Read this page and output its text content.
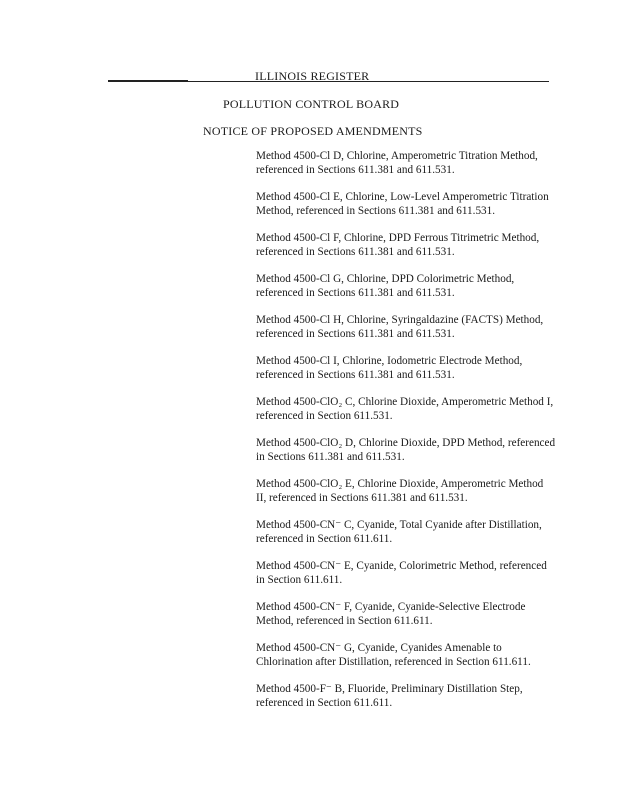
ILLINOIS REGISTER
POLLUTION CONTROL BOARD
NOTICE OF PROPOSED AMENDMENTS

Method 4500-Cl D, Chlorine, Amperometric Titration Method, referenced in Sections 611.381 and 611.531.

Method 4500-Cl E, Chlorine, Low-Level Amperometric Titration Method, referenced in Sections 611.381 and 611.531.

Method 4500-Cl F, Chlorine, DPD Ferrous Titrimetric Method, referenced in Sections 611.381 and 611.531.

Method 4500-Cl G, Chlorine, DPD Colorimetric Method, referenced in Sections 611.381 and 611.531.

Method 4500-Cl H, Chlorine, Syringaldazine (FACTS) Method, referenced in Sections 611.381 and 611.531.

Method 4500-Cl I, Chlorine, Iodometric Electrode Method, referenced in Sections 611.381 and 611.531.

Method 4500-ClO₂ C, Chlorine Dioxide, Amperometric Method I, referenced in Section 611.531.

Method 4500-ClO₂ D, Chlorine Dioxide, DPD Method, referenced in Sections 611.381 and 611.531.

Method 4500-ClO₂ E, Chlorine Dioxide, Amperometric Method II, referenced in Sections 611.381 and 611.531.

Method 4500-CN⁻ C, Cyanide, Total Cyanide after Distillation, referenced in Section 611.611.

Method 4500-CN⁻ E, Cyanide, Colorimetric Method, referenced in Section 611.611.

Method 4500-CN⁻ F, Cyanide, Cyanide-Selective Electrode Method, referenced in Section 611.611.

Method 4500-CN⁻ G, Cyanide, Cyanides Amenable to Chlorination after Distillation, referenced in Section 611.611.

Method 4500-F⁻ B, Fluoride, Preliminary Distillation Step, referenced in Section 611.611.
